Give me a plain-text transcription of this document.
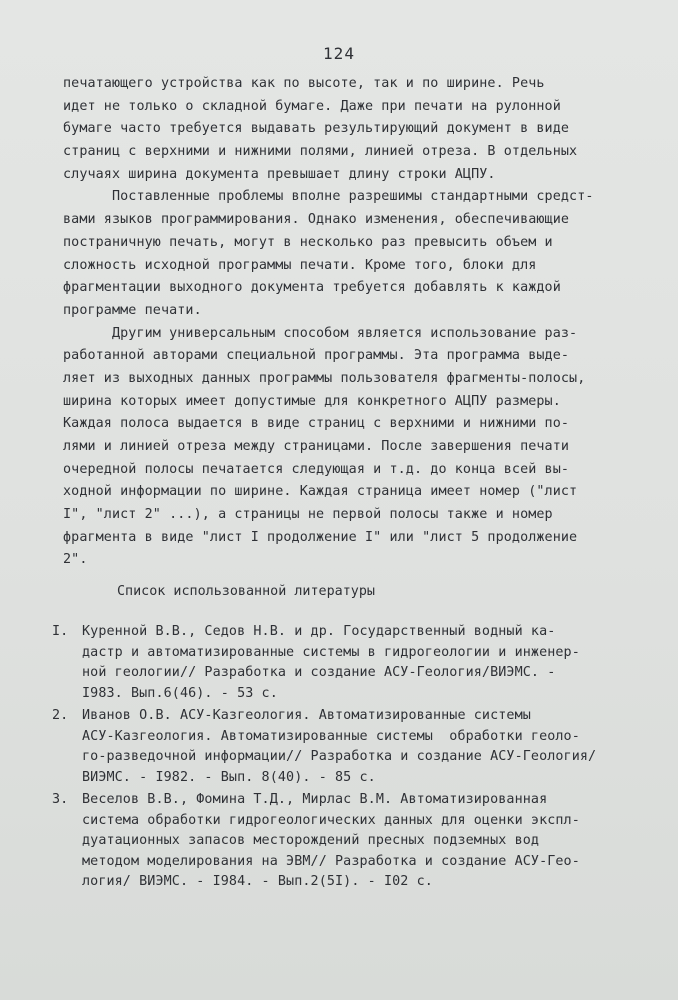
124
печатающего устройства как по высоте, так и по ширине. Речь
идет не только о складной бумаге. Даже при печати на рулонной
бумаге часто требуется выдавать результирующий документ в виде
страниц с верхними и нижними полями, линией отреза. В отдельных
случаях ширина документа превышает длину строки АЦПУ.
Поставленные проблемы вполне разрешимы стандартными средст-
вами языков программирования. Однако изменения, обеспечивающие
постраничную печать, могут в несколько раз превысить объем и
сложность исходной программы печати. Кроме того, блоки для
фрагментации выходного документа требуется добавлять к каждой
программе печати.
Другим универсальным способом является использование раз-
работанной авторами специальной программы. Эта программа выде-
ляет из выходных данных программы пользователя фрагменты-полосы,
ширина которых имеет допустимые для конкретного АЦПУ размеры.
Каждая полоса выдается в виде страниц с верхними и нижними по-
лями и линией отреза между страницами. После завершения печати
очередной полосы печатается следующая и т.д. до конца всей вы-
ходной информации по ширине. Каждая страница имеет номер ("лист
I", "лист 2" ...), а страницы не первой полосы также и номер
фрагмента в виде "лист I продолжение I" или "лист 5 продолжение
2".
Список использованной литературы
I. Куренной В.В., Седов Н.В. и др. Государственный водный ка-
дастр и автоматизированные системы в гидрогеологии и инженер-
ной геологии// Разработка и создание АСУ-Геология/ВИЭМС. -
I983. Вып.6(46). - 53 с.
2. Иванов О.В. АСУ-Казгеология. Автоматизированные системы
АСУ-Казгеология. Автоматизированные системы  обработки геоло-
го-разведочной информации// Разработка и создание АСУ-Геология/
ВИЭМС. - I982. - Вып. 8(40). - 85 с.
3. Веселов В.В., Фомина Т.Д., Мирлас В.М. Автоматизированная
система обработки гидрогеологических данных для оценки экспл-
дуатационных запасов месторождений пресных подземных вод
методом моделирования на ЭВМ// Разработка и создание АСУ-Гео-
логия/ ВИЭМС. - I984. - Вып.2(5I). - I02 с.
